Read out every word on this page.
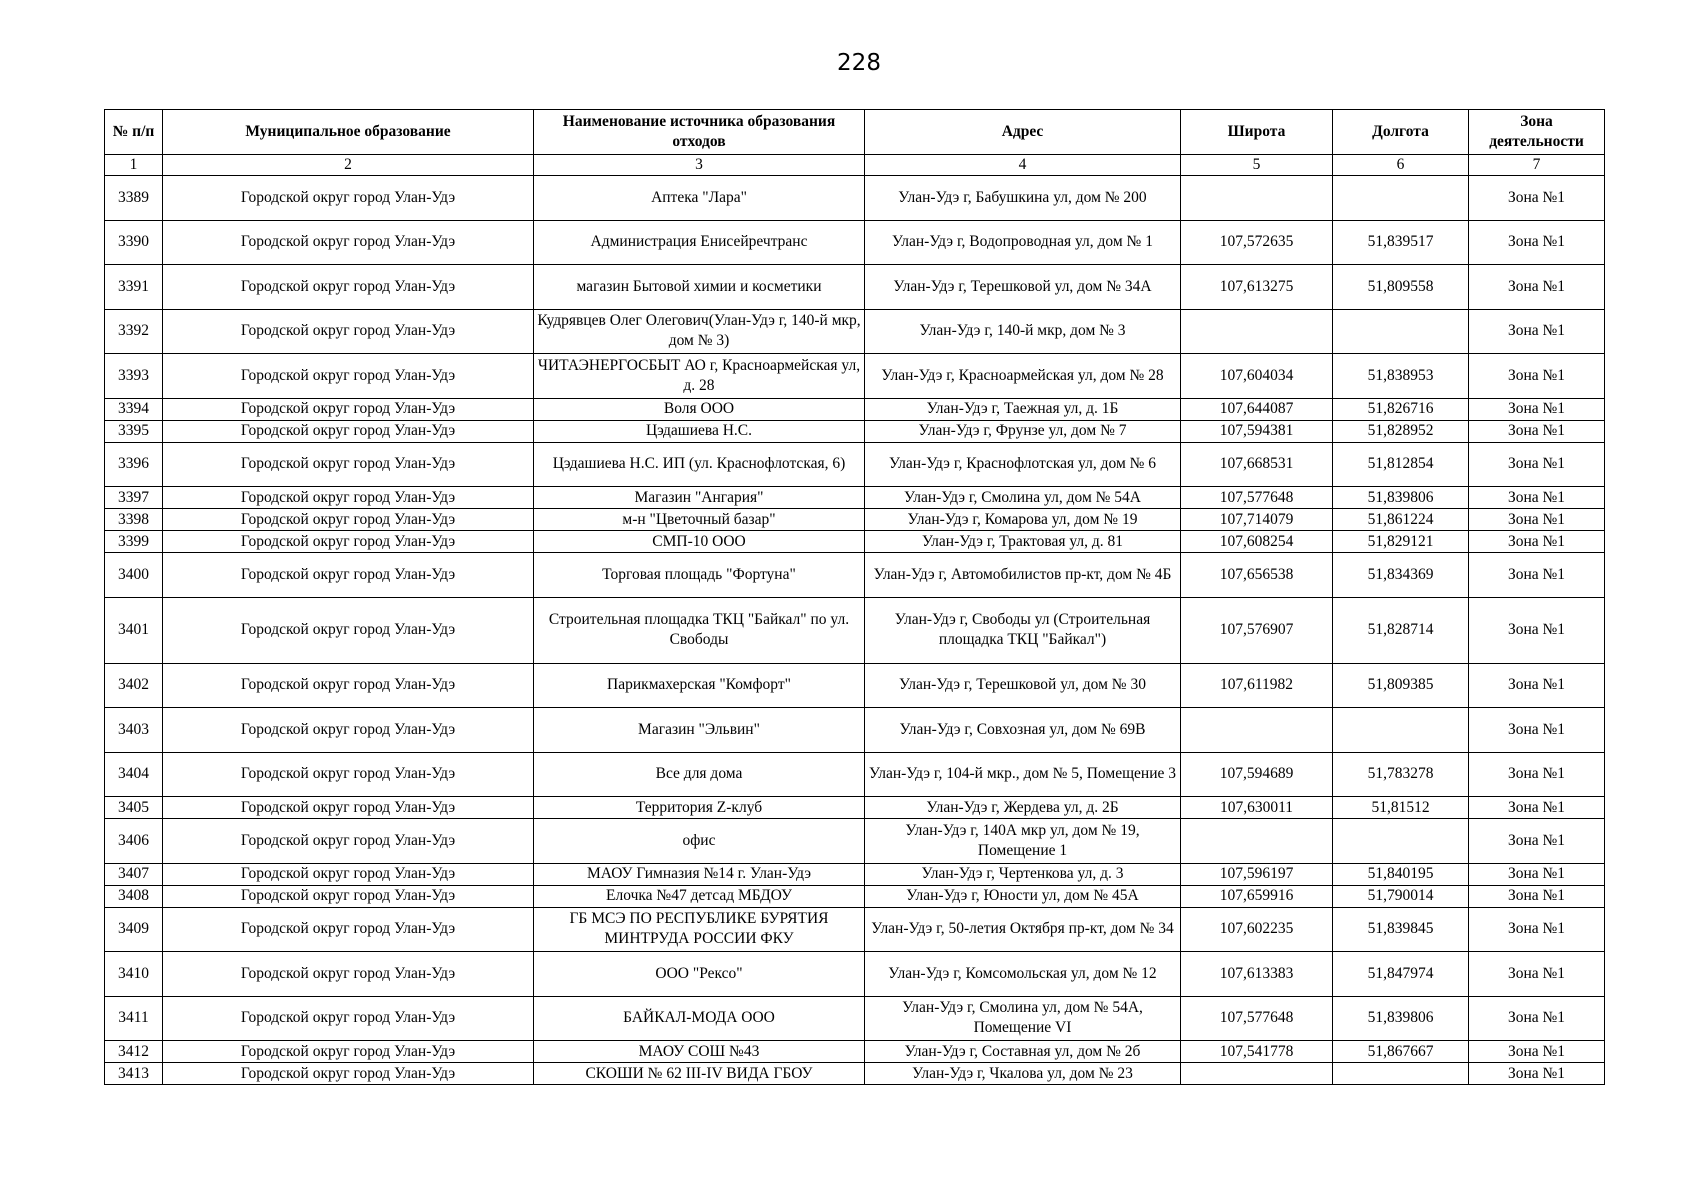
228
№ п/п	Муниципальное образование	Наименование источника образования отходов	Адрес	Широта	Долгота	Зона деятельности
1	2	3	4	5	6	7
3389	Городской округ город Улан-Удэ	Аптека "Лара"	Улан-Удэ г, Бабушкина ул, дом № 200			Зона №1
3390	Городской округ город Улан-Удэ	Администрация Енисейречтранс	Улан-Удэ г, Водопроводная ул, дом № 1	107,572635	51,839517	Зона №1
3391	Городской округ город Улан-Удэ	магазин Бытовой химии и косметики	Улан-Удэ г, Терешковой ул, дом № 34А	107,613275	51,809558	Зона №1
3392	Городской округ город Улан-Удэ	Кудрявцев Олег Олегович(Улан-Удэ г, 140-й мкр, дом № 3)	Улан-Удэ г, 140-й мкр, дом № 3			Зона №1
3393	Городской округ город Улан-Удэ	ЧИТАЭНЕРГОСБЫТ АО г, Красноармейская ул, д. 28	Улан-Удэ г, Красноармейская ул, дом № 28	107,604034	51,838953	Зона №1
3394	Городской округ город Улан-Удэ	Воля ООО	Улан-Удэ г, Таежная ул, д. 1Б	107,644087	51,826716	Зона №1
3395	Городской округ город Улан-Удэ	Цэдашиева Н.С.	Улан-Удэ г, Фрунзе ул, дом № 7	107,594381	51,828952	Зона №1
3396	Городской округ город Улан-Удэ	Цэдашиева Н.С. ИП (ул. Краснофлотская, 6)	Улан-Удэ г, Краснофлотская ул, дом № 6	107,668531	51,812854	Зона №1
3397	Городской округ город Улан-Удэ	Магазин "Ангария"	Улан-Удэ г, Смолина ул, дом № 54А	107,577648	51,839806	Зона №1
3398	Городской округ город Улан-Удэ	м-н "Цветочный базар"	Улан-Удэ г, Комарова ул, дом № 19	107,714079	51,861224	Зона №1
3399	Городской округ город Улан-Удэ	СМП-10 ООО	Улан-Удэ г, Трактовая ул, д. 81	107,608254	51,829121	Зона №1
3400	Городской округ город Улан-Удэ	Торговая площадь "Фортуна"	Улан-Удэ г, Автомобилистов пр-кт, дом № 4Б	107,656538	51,834369	Зона №1
3401	Городской округ город Улан-Удэ	Строительная площадка ТКЦ "Байкал" по ул. Свободы	Улан-Удэ г, Свободы ул (Строительная площадка ТКЦ "Байкал")	107,576907	51,828714	Зона №1
3402	Городской округ город Улан-Удэ	Парикмахерская "Комфорт"	Улан-Удэ г, Терешковой ул, дом № 30	107,611982	51,809385	Зона №1
3403	Городской округ город Улан-Удэ	Магазин "Эльвин"	Улан-Удэ г, Совхозная ул, дом № 69В			Зона №1
3404	Городской округ город Улан-Удэ	Все для дома	Улан-Удэ г, 104-й мкр., дом № 5, Помещение 3	107,594689	51,783278	Зона №1
3405	Городской округ город Улан-Удэ	Территория Z-клуб	Улан-Удэ г, Жердева ул, д. 2Б	107,630011	51,81512	Зона №1
3406	Городской округ город Улан-Удэ	офис	Улан-Удэ г, 140А мкр ул, дом № 19, Помещение 1			Зона №1
3407	Городской округ город Улан-Удэ	МАОУ Гимназия №14 г. Улан-Удэ	Улан-Удэ г, Чертенкова ул, д. 3	107,596197	51,840195	Зона №1
3408	Городской округ город Улан-Удэ	Елочка №47 детсад МБДОУ	Улан-Удэ г, Юности ул, дом № 45А	107,659916	51,790014	Зона №1
3409	Городской округ город Улан-Удэ	ГБ МСЭ ПО РЕСПУБЛИКЕ БУРЯТИЯ МИНТРУДА РОССИИ ФКУ	Улан-Удэ г, 50-летия Октября пр-кт, дом № 34	107,602235	51,839845	Зона №1
3410	Городской округ город Улан-Удэ	ООО "Рексо"	Улан-Удэ г, Комсомольская ул, дом № 12	107,613383	51,847974	Зона №1
3411	Городской округ город Улан-Удэ	БАЙКАЛ-МОДА ООО	Улан-Удэ г, Смолина ул, дом № 54А, Помещение VI	107,577648	51,839806	Зона №1
3412	Городской округ город Улан-Удэ	МАОУ СОШ №43	Улан-Удэ г, Составная ул, дом № 2б	107,541778	51,867667	Зона №1
3413	Городской округ город Улан-Удэ	СКОШИ № 62 III-IV ВИДА ГБОУ	Улан-Удэ г, Чкалова ул, дом № 23			Зона №1
